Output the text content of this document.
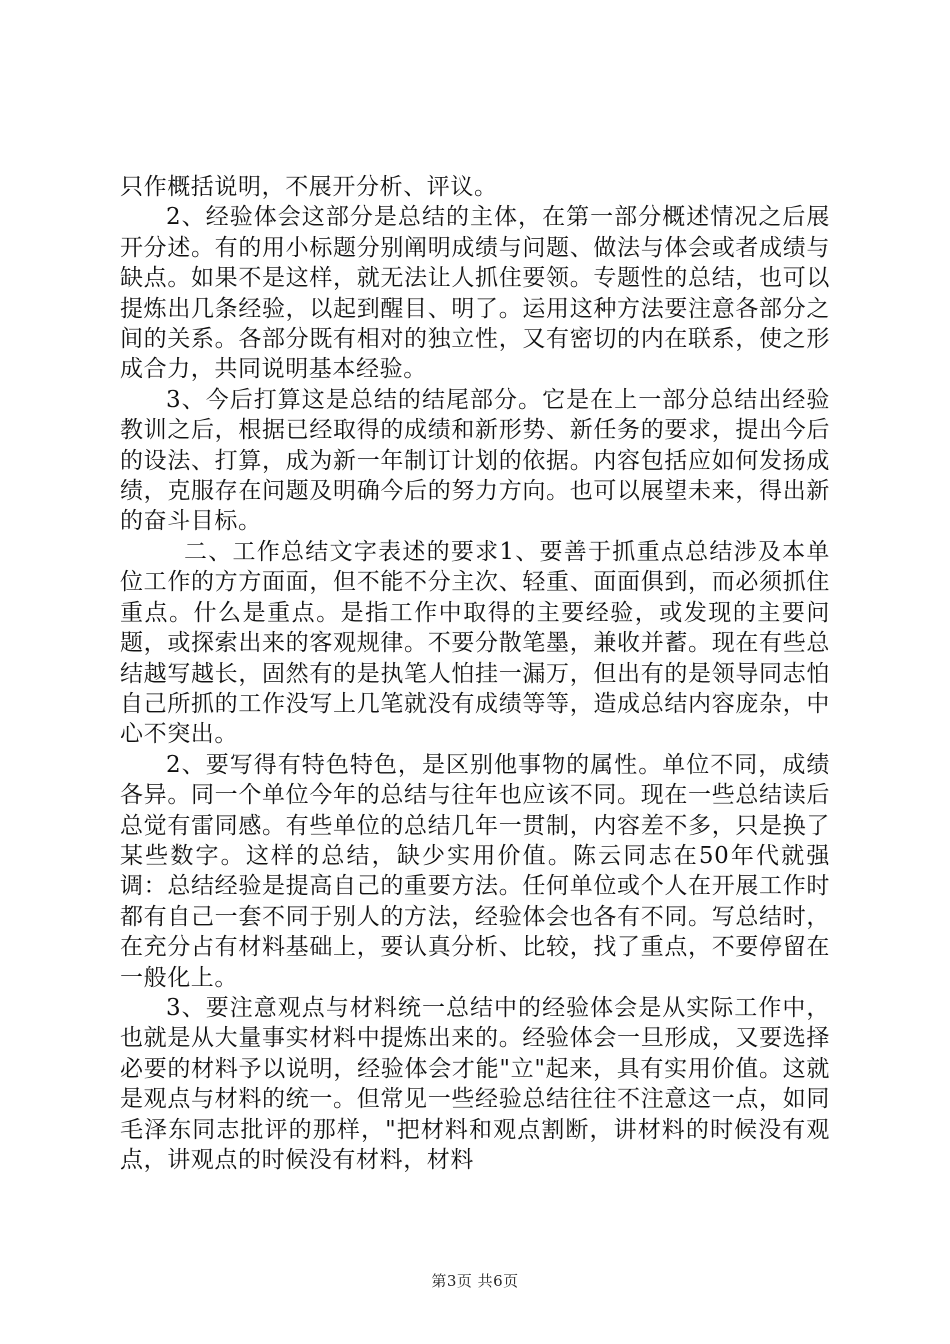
只作概括说明，不展开分析、评议。

2、经验体会这部分是总结的主体，在第一部分概述情况之后展开分述。有的用小标题分别阐明成绩与问题、做法与体会或者成绩与缺点。如果不是这样，就无法让人抓住要领。专题性的总结，也可以提炼出几条经验，以起到醒目、明了。运用这种方法要注意各部分之间的关系。各部分既有相对的独立性，又有密切的内在联系，使之形成合力，共同说明基本经验。

3、今后打算这是总结的结尾部分。它是在上一部分总结出经验教训之后，根据已经取得的成绩和新形势、新任务的要求，提出今后的设法、打算，成为新一年制订计划的依据。内容包括应如何发扬成绩，克服存在问题及明确今后的努力方向。也可以展望未来，得出新的奋斗目标。

二、工作总结文字表述的要求1、要善于抓重点总结涉及本单位工作的方方面面，但不能不分主次、轻重、面面俱到，而必须抓住重点。什么是重点。是指工作中取得的主要经验，或发现的主要问题，或探索出来的客观规律。不要分散笔墨，兼收并蓄。现在有些总结越写越长，固然有的是执笔人怕挂一漏万，但出有的是领导同志怕自己所抓的工作没写上几笔就没有成绩等等，造成总结内容庞杂，中心不突出。

2、要写得有特色特色，是区别他事物的属性。单位不同，成绩各异。同一个单位今年的总结与往年也应该不同。现在一些总结读后总觉有雷同感。有些单位的总结几年一贯制，内容差不多，只是换了某些数字。这样的总结，缺少实用价值。陈云同志在50年代就强调：总结经验是提高自己的重要方法。任何单位或个人在开展工作时都有自己一套不同于别人的方法，经验体会也各有不同。写总结时，在充分占有材料基础上，要认真分析、比较，找了重点，不要停留在一般化上。

3、要注意观点与材料统一总结中的经验体会是从实际工作中，也就是从大量事实材料中提炼出来的。经验体会一旦形成，又要选择必要的材料予以说明，经验体会才能"立"起来，具有实用价值。这就是观点与材料的统一。但常见一些经验总结往往不注意这一点，如同毛泽东同志批评的那样，"把材料和观点割断，讲材料的时候没有观点，讲观点的时候没有材料，材料

第3页 共6页
